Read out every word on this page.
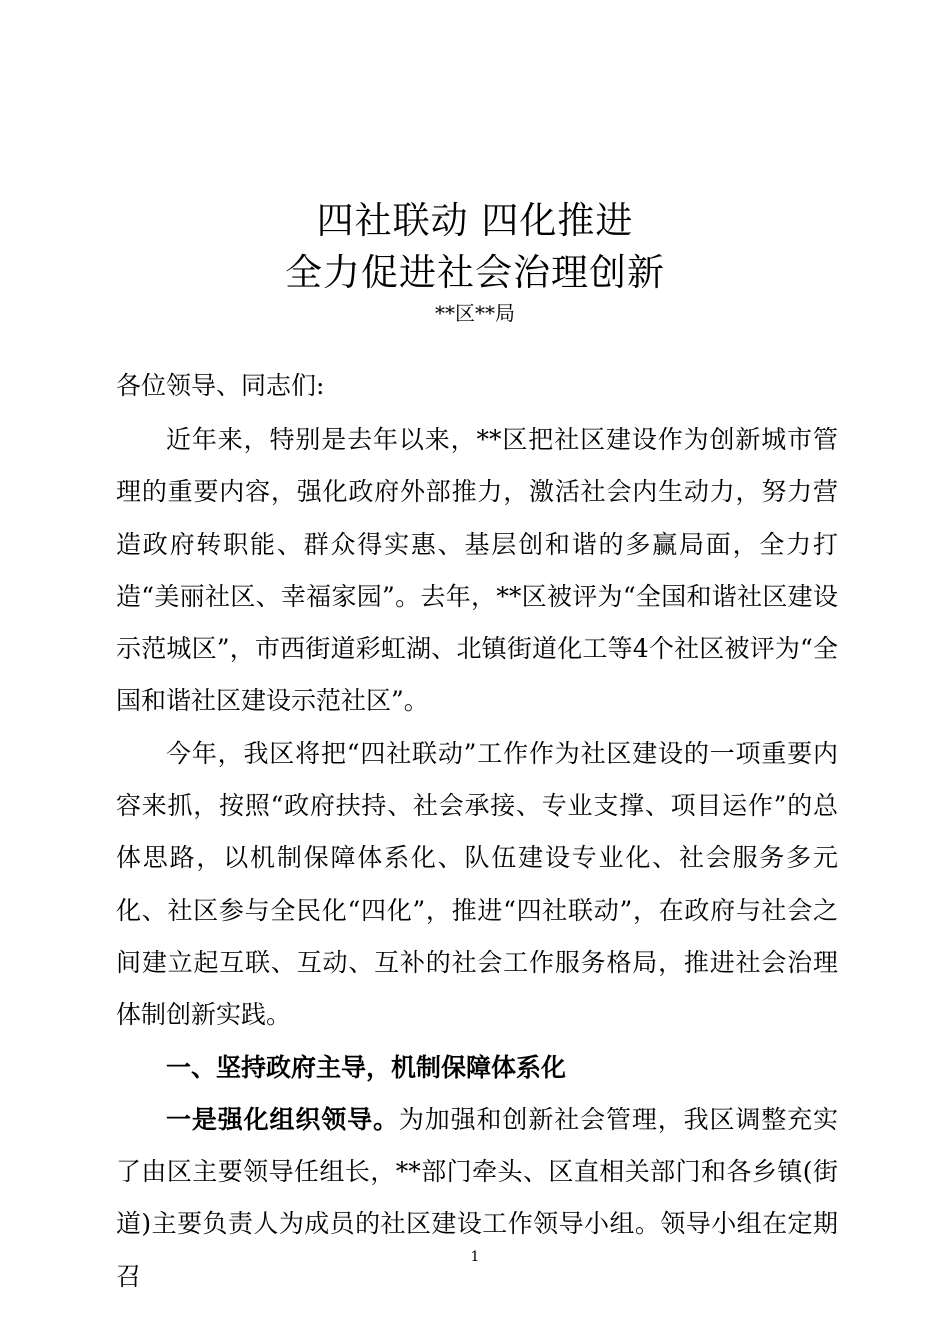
四社联动 四化推进
全力促进社会治理创新
**区**局
各位领导、同志们:

近年来，特别是去年以来，**区把社区建设作为创新城市管理的重要内容，强化政府外部推力，激活社会内生动力，努力营造政府转职能、群众得实惠、基层创和谐的多赢局面，全力打造“美丽社区、幸福家园”。去年，**区被评为“全国和谐社区建设示范城区”，市西街道彩虹湖、北镇街道化工等4个社区被评为“全国和谐社区建设示范社区”。

今年，我区将把“四社联动”工作作为社区建设的一项重要内容来抓，按照“政府扶持、社会承接、专业支撑、项目运作”的总体思路，以机制保障体系化、队伍建设专业化、社会服务多元化、社区参与全民化“四化”，推进“四社联动”，在政府与社会之间建立起互联、互动、互补的社会工作服务格局，推进社会治理体制创新实践。

一、坚持政府主导，机制保障体系化

一是强化组织领导。为加强和创新社会管理，我区调整充实了由区主要领导任组长，**部门牵头、区直相关部门和各乡镇(街道)主要负责人为成员的社区建设工作领导小组。领导小组在定期召

1
